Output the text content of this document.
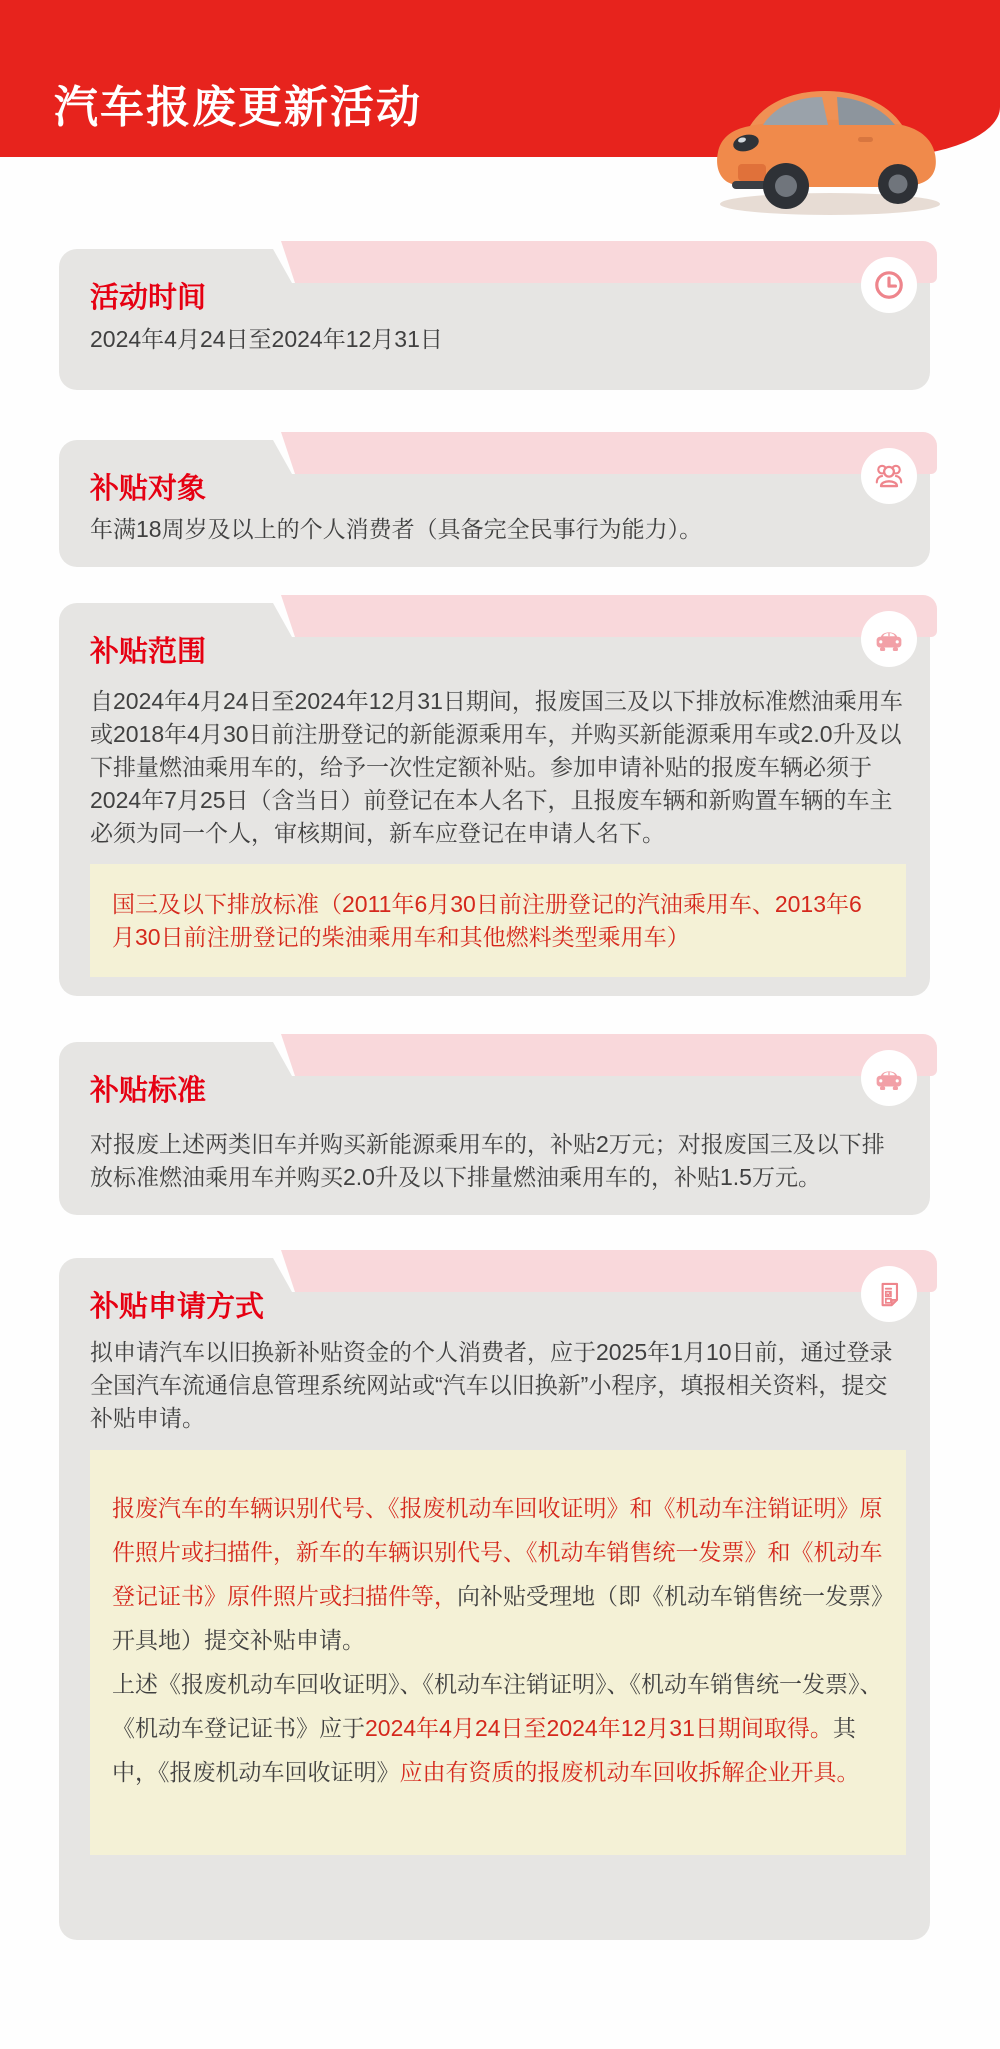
汽车报废更新活动
活动时间
2024年4月24日至2024年12月31日
补贴对象
年满18周岁及以上的个人消费者（具备完全民事行为能力）。
补贴范围
自2024年4月24日至2024年12月31日期间，报废国三及以下排放标准燃油乘用车或2018年4月30日前注册登记的新能源乘用车，并购买新能源乘用车或2.0升及以下排量燃油乘用车的，给予一次性定额补贴。参加申请补贴的报废车辆必须于2024年7月25日（含当日）前登记在本人名下，且报废车辆和新购置车辆的车主必须为同一个人，审核期间，新车应登记在申请人名下。
国三及以下排放标准（2011年6月30日前注册登记的汽油乘用车、2013年6月30日前注册登记的柴油乘用车和其他燃料类型乘用车）
补贴标准
对报废上述两类旧车并购买新能源乘用车的，补贴2万元；对报废国三及以下排放标准燃油乘用车并购买2.0升及以下排量燃油乘用车的，补贴1.5万元。
补贴申请方式
拟申请汽车以旧换新补贴资金的个人消费者，应于2025年1月10日前，通过登录全国汽车流通信息管理系统网站或“汽车以旧换新”小程序，填报相关资料，提交补贴申请。

报废汽车的车辆识别代号、《报废机动车回收证明》和《机动车注销证明》原件照片或扫描件，新车的车辆识别代号、《机动车销售统一发票》和《机动车登记证书》原件照片或扫描件等，向补贴受理地（即《机动车销售统一发票》开具地）提交补贴申请。

上述《报废机动车回收证明》、《机动车注销证明》、《机动车销售统一发票》、《机动车登记证书》应于2024年4月24日至2024年12月31日期间取得。其中，《报废机动车回收证明》应由有资质的报废机动车回收拆解企业开具。
